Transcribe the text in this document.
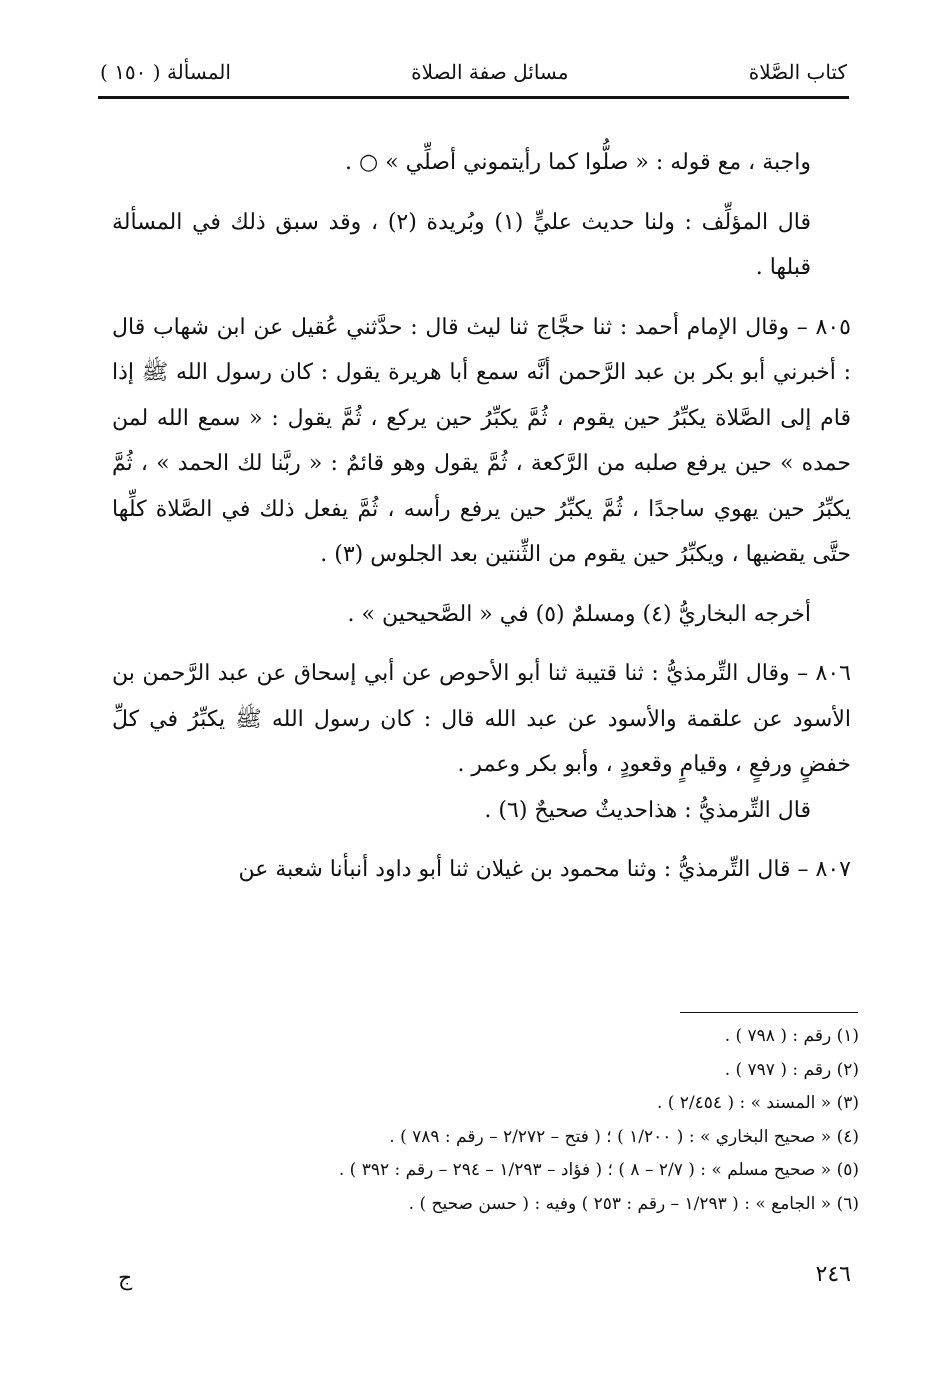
كتاب الصَّلاة
مسائل صفة الصلاة
المسألة ( ١٥٠ )

واجبة ، مع قوله : « صلُّوا كما رأيتموني أصلِّي » ○ .

قال المؤلِّف : ولنا حديث عليٍّ (١) وبُريدة (٢) ، وقد سبق ذلك في المسألة قبلها .

٨٠٥ – وقال الإمام أحمد : ثنا حجَّاج ثنا ليث قال : حدَّثني عُقيل عن ابن شهاب قال : أخبرني أبو بكر بن عبد الرَّحمن أنَّه سمع أبا هريرة يقول : كان رسول الله ﷺ إذا قام إلى الصَّلاة يكبِّرُ حين يقوم ، ثُمَّ يكبِّرُ حين يركع ، ثُمَّ يقول : « سمع الله لمن حمده » حين يرفع صلبه من الرَّكعة ، ثُمَّ يقول وهو قائمٌ : « ربَّنا لك الحمد » ، ثُمَّ يكبِّرُ حين يهوي ساجدًا ، ثُمَّ يكبِّرُ حين يرفع رأسه ، ثُمَّ يفعل ذلك في الصَّلاة كلِّها حتَّى يقضيها ، ويكبِّرُ حين يقوم من الثِّنتين بعد الجلوس (٣) .

أخرجه البخاريُّ (٤) ومسلمٌ (٥) في « الصَّحيحين » .

٨٠٦ – وقال التِّرمذيُّ : ثنا قتيبة ثنا أبو الأحوص عن أبي إسحاق عن عبد الرَّحمن بن الأسود عن علقمة والأسود عن عبد الله قال : كان رسول الله ﷺ يكبِّرُ في كلِّ خفضٍ ورفعٍ ، وقيامٍ وقعودٍ ، وأبو بكر وعمر .

قال التِّرمذيُّ : هذاحديثٌ صحيحٌ (٦) .

٨٠٧ – قال التِّرمذيُّ : وثنا محمود بن غيلان ثنا أبو داود أنبأنا شعبة عن

(١) رقم : ( ٧٩٨ ) .
(٢) رقم : ( ٧٩٧ ) .
(٣) « المسند » : ( ٢/٤٥٤ ) .
(٤) « صحيح البخاري » : ( ١/٢٠٠ ) ؛ ( فتح – ٢/٢٧٢ – رقم : ٧٨٩ ) .
(٥) « صحيح مسلم » : ( ٢/٧ – ٨ ) ؛ ( فؤاد – ١/٢٩٣ – ٢٩٤ – رقم : ٣٩٢ ) .
(٦) « الجامع » : ( ١/٢٩٣ – رقم : ٢٥٣ ) وفيه : ( حسن صحيح ) .
٢٤٦
ج
